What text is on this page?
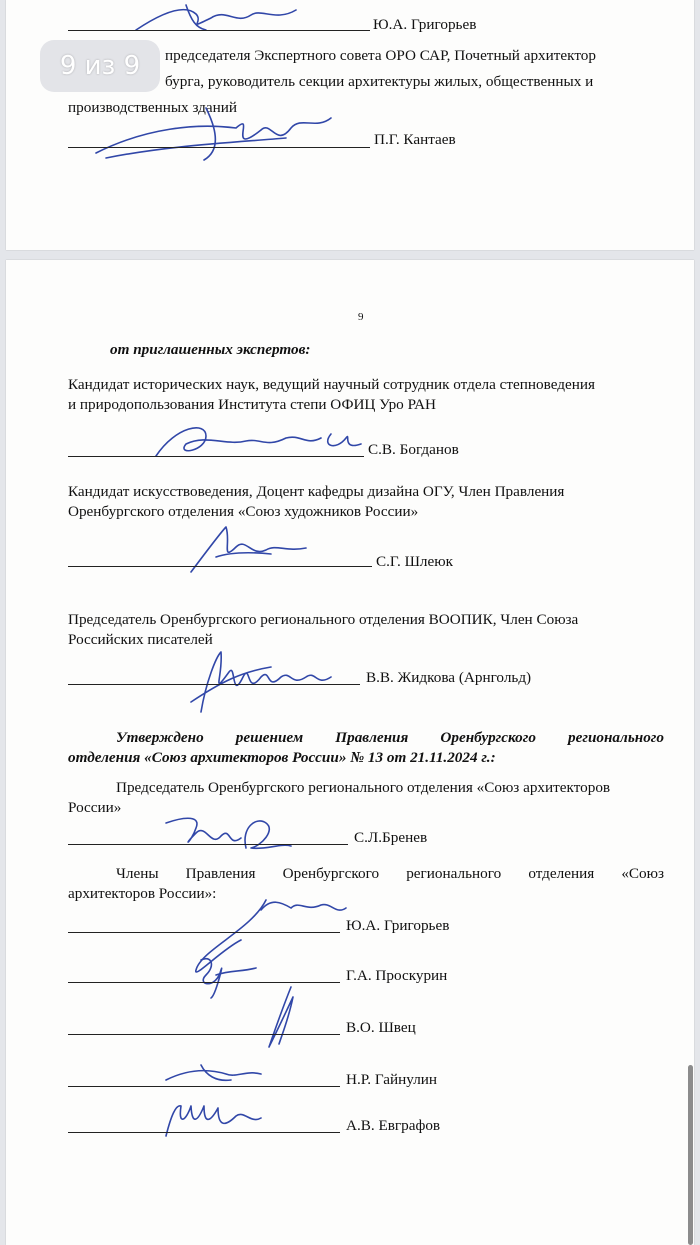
Ю.А. Григорьев
председателя Экспертного совета ОРО САР, Почетный архитектор
бурга, руководитель секции архитектуры жилых, общественных и
производственных зданий
П.Г. Кантаев
9 из 9
9
от приглашенных экспертов:
Кандидат исторических наук, ведущий научный сотрудник отдела степноведения
и природопользования Института степи ОФИЦ Уро РАН
С.В. Богданов
Кандидат искусствоведения, Доцент кафедры дизайна ОГУ, Член Правления
Оренбургского отделения «Союз художников России»
С.Г. Шлеюк
Председатель Оренбургского регионального отделения ВООПИК, Член Союза
Российских писателей
В.В. Жидкова (Арнгольд)
Утверждено решением Правления Оренбургского регионального
отделения «Союз архитекторов России» № 13 от 21.11.2024 г.:
Председатель Оренбургского регионального отделения «Союз архитекторов
России»
С.Л.Бренев
Члены Правления Оренбургского регионального отделения «Союз
архитекторов России»:
Ю.А. Григорьев
Г.А. Проскурин
В.О. Швец
Н.Р. Гайнулин
А.В. Евграфов
